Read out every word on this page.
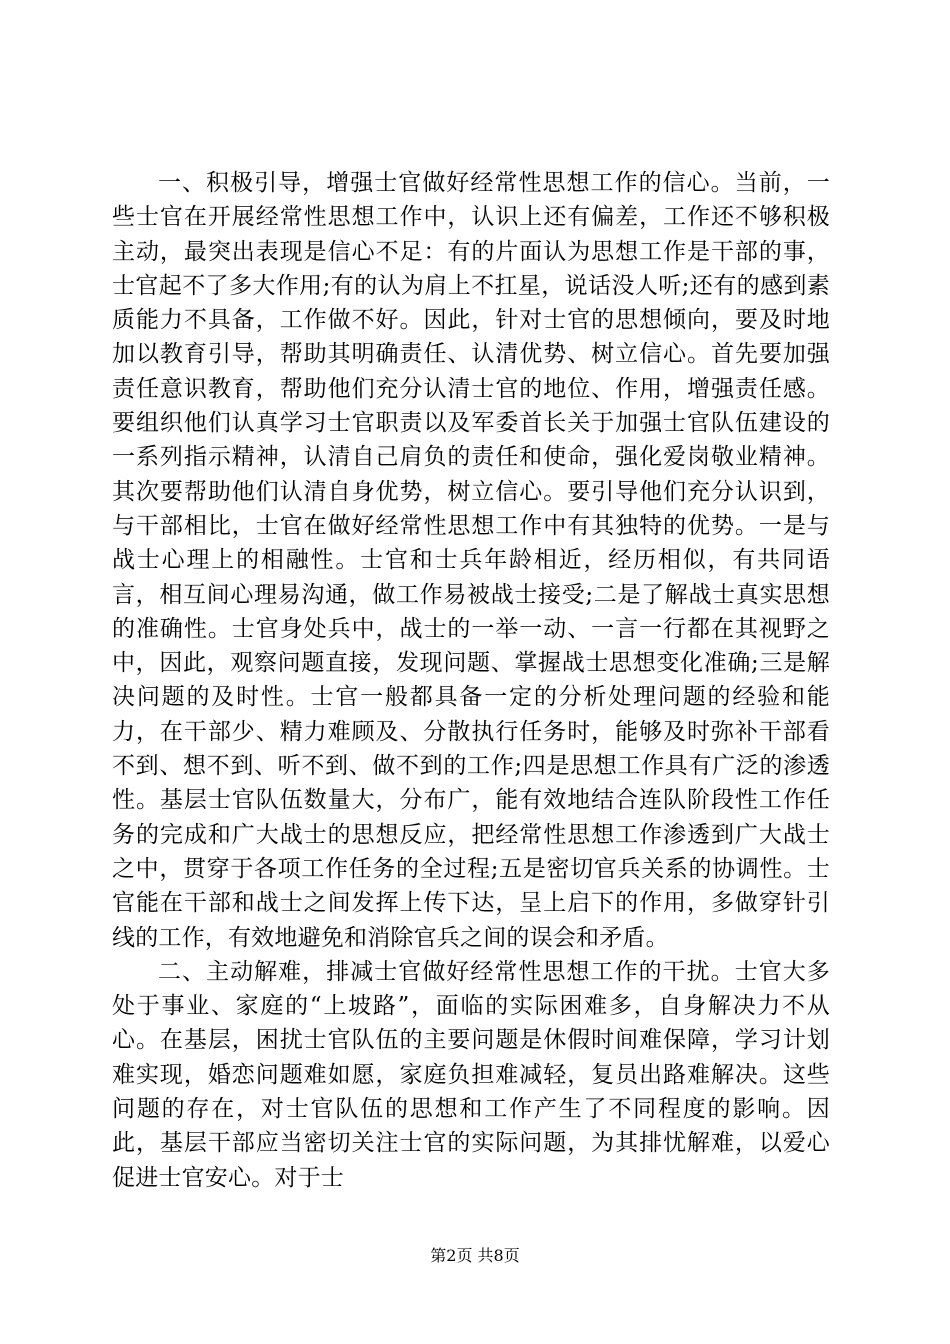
一、积极引导，增强士官做好经常性思想工作的信心。当前，一些士官在开展经常性思想工作中，认识上还有偏差，工作还不够积极主动，最突出表现是信心不足：有的片面认为思想工作是干部的事，士官起不了多大作用;有的认为肩上不扛星，说话没人听;还有的感到素质能力不具备，工作做不好。因此，针对士官的思想倾向，要及时地加以教育引导，帮助其明确责任、认清优势、树立信心。首先要加强责任意识教育，帮助他们充分认清士官的地位、作用，增强责任感。要组织他们认真学习士官职责以及军委首长关于加强士官队伍建设的一系列指示精神，认清自己肩负的责任和使命，强化爱岗敬业精神。其次要帮助他们认清自身优势，树立信心。要引导他们充分认识到，与干部相比，士官在做好经常性思想工作中有其独特的优势。一是与战士心理上的相融性。士官和士兵年龄相近，经历相似，有共同语言，相互间心理易沟通，做工作易被战士接受;二是了解战士真实思想的准确性。士官身处兵中，战士的一举一动、一言一行都在其视野之中，因此，观察问题直接，发现问题、掌握战士思想变化准确;三是解决问题的及时性。士官一般都具备一定的分析处理问题的经验和能力，在干部少、精力难顾及、分散执行任务时，能够及时弥补干部看不到、想不到、听不到、做不到的工作;四是思想工作具有广泛的渗透性。基层士官队伍数量大，分布广，能有效地结合连队阶段性工作任务的完成和广大战士的思想反应，把经常性思想工作渗透到广大战士之中，贯穿于各项工作任务的全过程;五是密切官兵关系的协调性。士官能在干部和战士之间发挥上传下达，呈上启下的作用，多做穿针引线的工作，有效地避免和消除官兵之间的误会和矛盾。

二、主动解难，排减士官做好经常性思想工作的干扰。士官大多处于事业、家庭的“上坡路”，面临的实际困难多，自身解决力不从心。在基层，困扰士官队伍的主要问题是休假时间难保障，学习计划难实现，婚恋问题难如愿，家庭负担难减轻，复员出路难解决。这些问题的存在，对士官队伍的思想和工作产生了不同程度的影响。因此，基层干部应当密切关注士官的实际问题，为其排忧解难，以爱心促进士官安心。对于士

第2页 共8页
